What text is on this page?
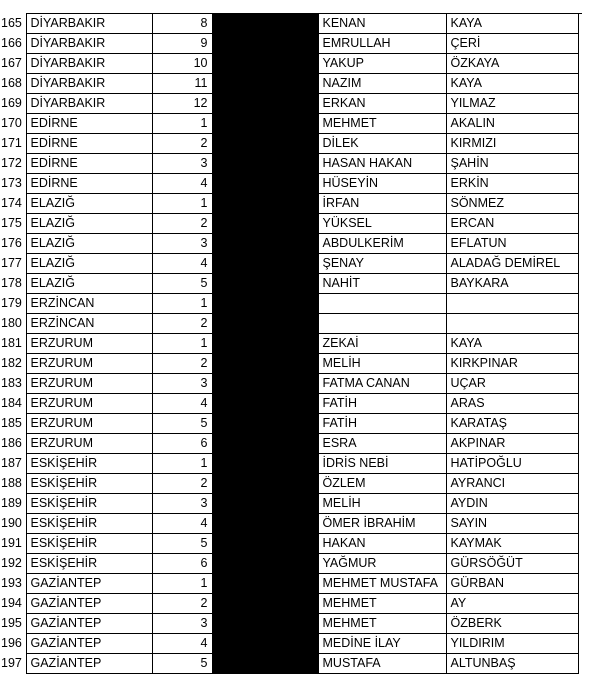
165	DİYARBAKIR	8		KENAN	KAYA
166	DİYARBAKIR	9		EMRULLAH	ÇERİ
167	DİYARBAKIR	10		YAKUP	ÖZKAYA
168	DİYARBAKIR	11		NAZIM	KAYA
169	DİYARBAKIR	12		ERKAN	YILMAZ
170	EDİRNE	1		MEHMET	AKALIN
171	EDİRNE	2		DİLEK	KIRMIZI
172	EDİRNE	3		HASAN HAKAN	ŞAHİN
173	EDİRNE	4		HÜSEYİN	ERKİN
174	ELAZIĞ	1		İRFAN	SÖNMEZ
175	ELAZIĞ	2		YÜKSEL	ERCAN
176	ELAZIĞ	3		ABDULKERİM	EFLATUN
177	ELAZIĞ	4		ŞENAY	ALADAĞ DEMİREL
178	ELAZIĞ	5		NAHİT	BAYKARA
179	ERZİNCAN	1			
180	ERZİNCAN	2			
181	ERZURUM	1		ZEKAİ	KAYA
182	ERZURUM	2		MELİH	KIRKPINAR
183	ERZURUM	3		FATMA CANAN	UÇAR
184	ERZURUM	4		FATİH	ARAS
185	ERZURUM	5		FATİH	KARATAŞ
186	ERZURUM	6		ESRA	AKPINAR
187	ESKİŞEHİR	1		İDRİS NEBİ	HATİPOĞLU
188	ESKİŞEHİR	2		ÖZLEM	AYRANCI
189	ESKİŞEHİR	3		MELİH	AYDIN
190	ESKİŞEHİR	4		ÖMER İBRAHİM	SAYIN
191	ESKİŞEHİR	5		HAKAN	KAYMAK
192	ESKİŞEHİR	6		YAĞMUR	GÜRSÖĞÜT
193	GAZİANTEP	1		MEHMET MUSTAFA	GÜRBAN
194	GAZİANTEP	2		MEHMET	AY
195	GAZİANTEP	3		MEHMET	ÖZBERK
196	GAZİANTEP	4		MEDİNE İLAY	YILDIRIM
197	GAZİANTEP	5		MUSTAFA	ALTUNBAŞ
